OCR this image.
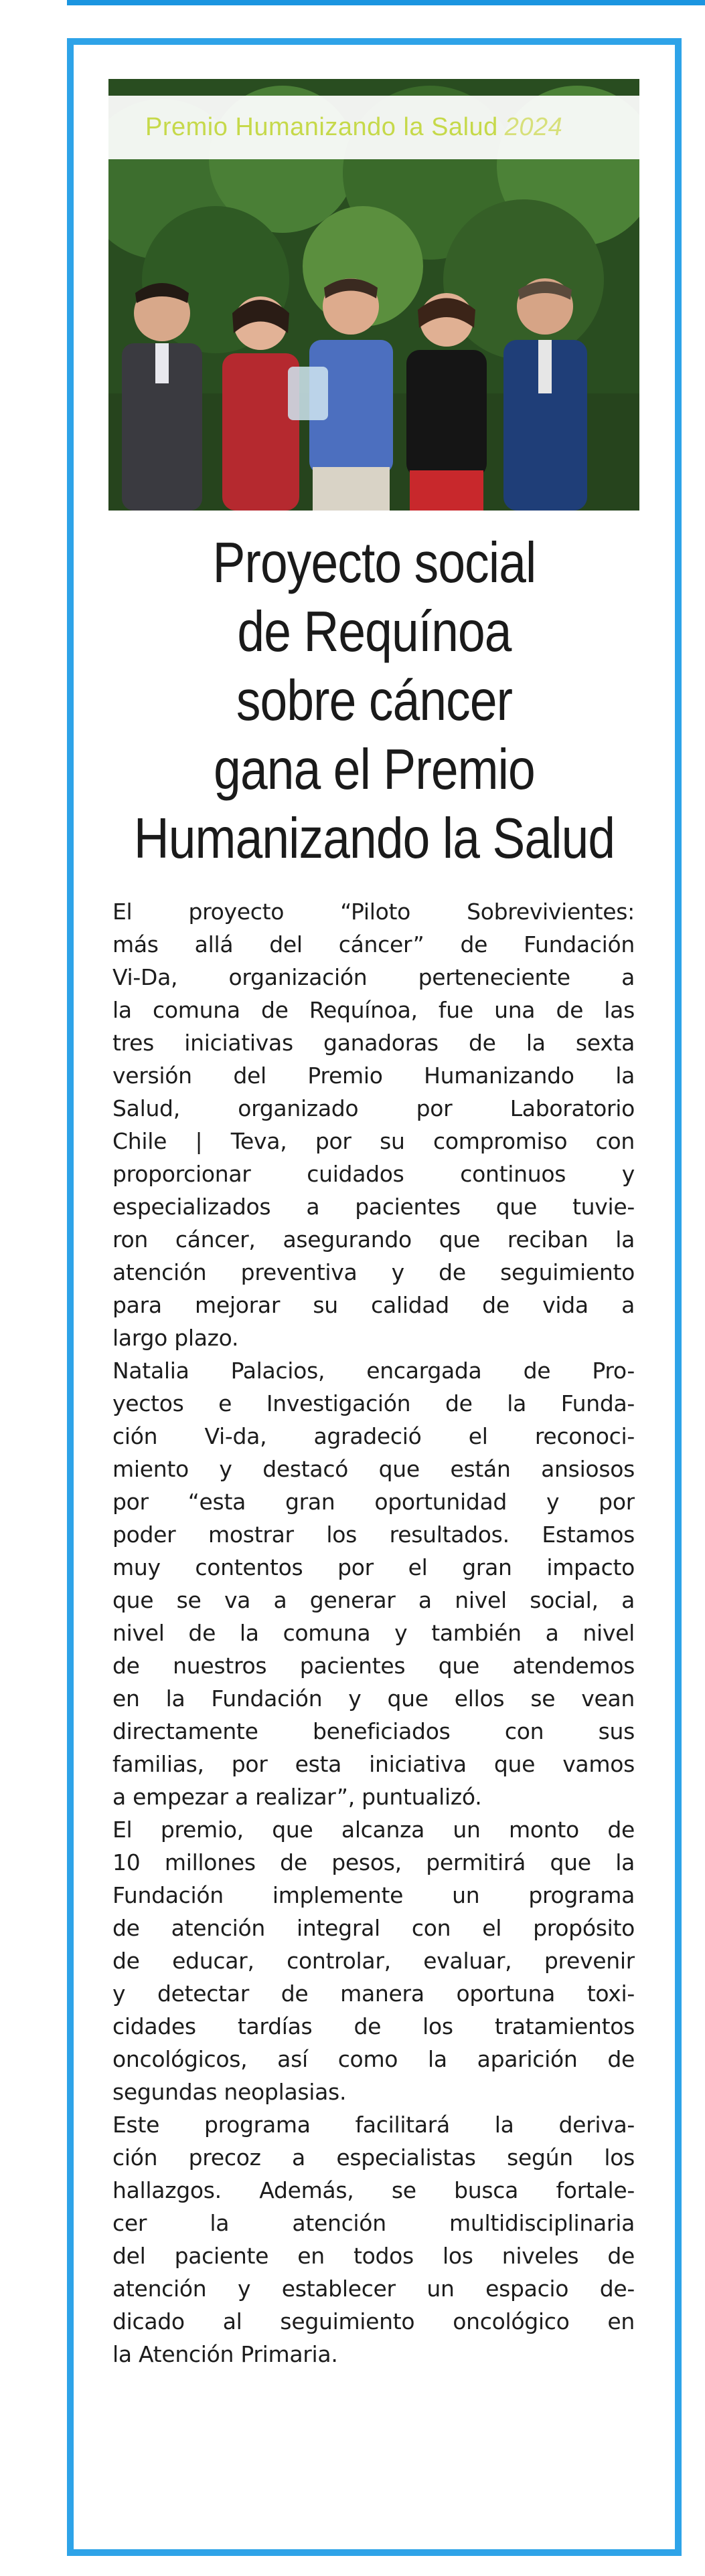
Premio Humanizando la Salud 2024
Proyecto social
de Requínoa
sobre cáncer
gana el Premio
Humanizando la Salud

El proyecto “Piloto Sobrevivientes:
más allá del cáncer” de Fundación
Vi-Da, organización perteneciente a
la comuna de Requínoa, fue una de las
tres iniciativas ganadoras de la sexta
versión del Premio Humanizando la
Salud, organizado por Laboratorio
Chile | Teva, por su compromiso con
proporcionar cuidados continuos y
especializados a pacientes que tuvie-
ron cáncer, asegurando que reciban la
atención preventiva y de seguimiento
para mejorar su calidad de vida a
largo plazo.

Natalia Palacios, encargada de Pro-
yectos e Investigación de la Funda-
ción Vi-da, agradeció el reconoci-
miento y destacó que están ansiosos
por “esta gran oportunidad y por
poder mostrar los resultados. Estamos
muy contentos por el gran impacto
que se va a generar a nivel social, a
nivel de la comuna y también a nivel
de nuestros pacientes que atendemos
en la Fundación y que ellos se vean
directamente beneficiados con sus
familias, por esta iniciativa que vamos
a empezar a realizar”, puntualizó.

El premio, que alcanza un monto de
10 millones de pesos, permitirá que la
Fundación implemente un programa
de atención integral con el propósito
de educar, controlar, evaluar, prevenir
y detectar de manera oportuna toxi-
cidades tardías de los tratamientos
oncológicos, así como la aparición de
segundas neoplasias.

Este programa facilitará la deriva-
ción precoz a especialistas según los
hallazgos. Además, se busca fortale-
cer la atención multidisciplinaria
del paciente en todos los niveles de
atención y establecer un espacio de-
dicado al seguimiento oncológico en
la Atención Primaria.
